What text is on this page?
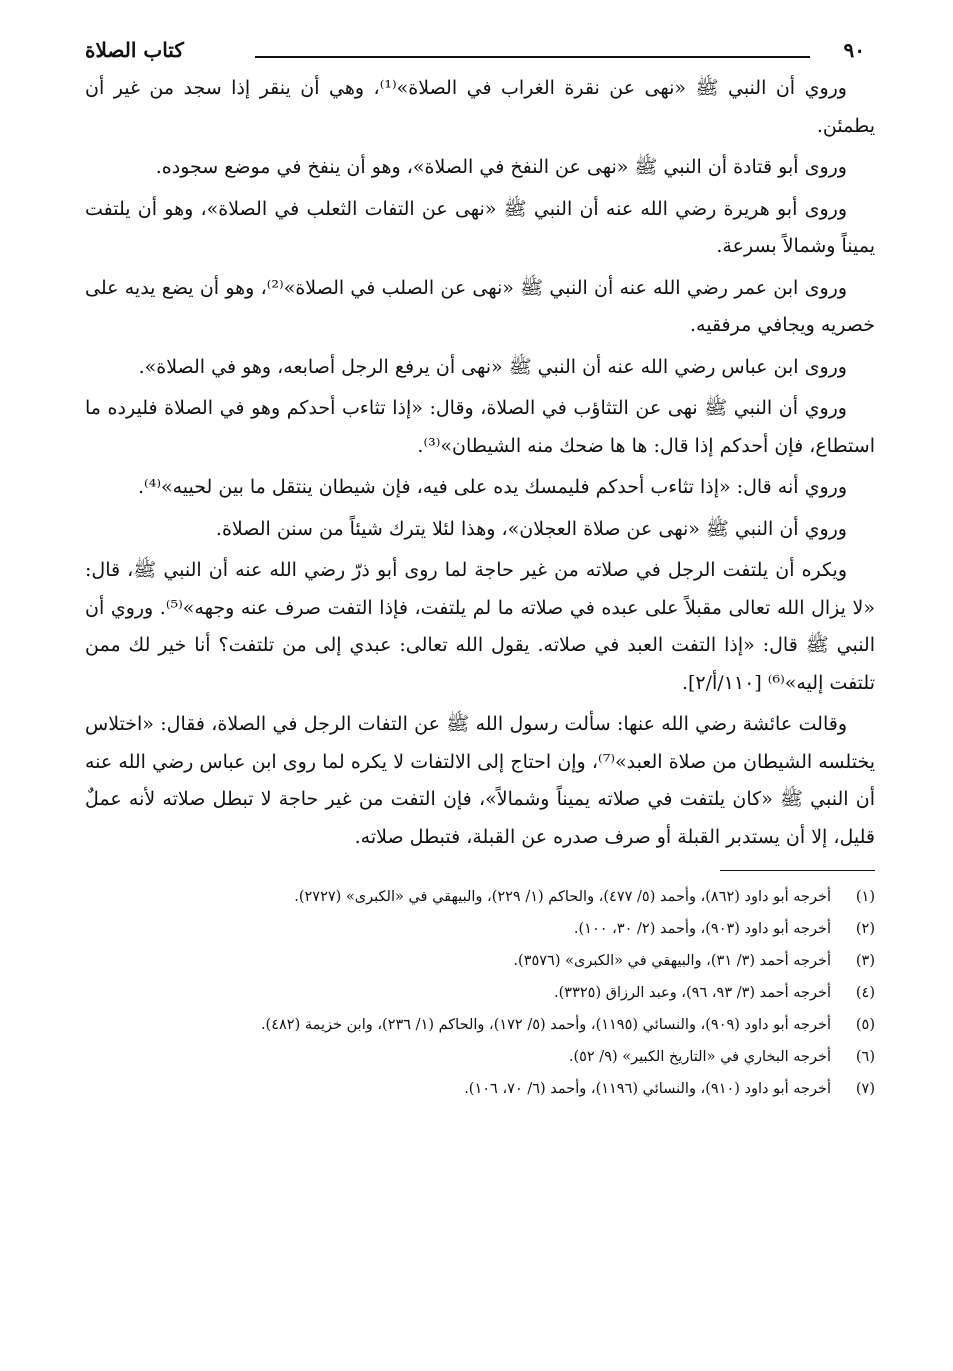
٩٠
كتاب الصلاة

وروي أن النبي ﷺ «نهى عن نقرة الغراب في الصلاة»⁽¹⁾، وهي أن ينقر إذا سجد من غير أن يطمئن.

وروى أبو قتادة أن النبي ﷺ «نهى عن النفخ في الصلاة»، وهو أن ينفخ في موضع سجوده.

وروى أبو هريرة رضي الله عنه أن النبي ﷺ «نهى عن التفات الثعلب في الصلاة»، وهو أن يلتفت يميناً وشمالاً بسرعة.

وروى ابن عمر رضي الله عنه أن النبي ﷺ «نهى عن الصلب في الصلاة»⁽²⁾، وهو أن يضع يديه على خصريه ويجافي مرفقيه.

وروى ابن عباس رضي الله عنه أن النبي ﷺ «نهى أن يرفع الرجل أصابعه، وهو في الصلاة».

وروي أن النبي ﷺ نهى عن التثاؤب في الصلاة، وقال: «إذا تثاءب أحدكم وهو في الصلاة فليرده ما استطاع، فإن أحدكم إذا قال: ها ها ضحك منه الشيطان»⁽³⁾.

وروي أنه قال: «إذا تثاءب أحدكم فليمسك يده على فيه، فإن شيطان ينتقل ما بين لحييه»⁽⁴⁾.

وروي أن النبي ﷺ «نهى عن صلاة العجلان»، وهذا لئلا يترك شيئاً من سنن الصلاة.

ويكره أن يلتفت الرجل في صلاته من غير حاجة لما روى أبو ذرّ رضي الله عنه أن النبي ﷺ، قال: «لا يزال الله تعالى مقبلاً على عبده في صلاته ما لم يلتفت، فإذا التفت صرف عنه وجهه»⁽⁵⁾. وروي أن النبي ﷺ قال: «إذا التفت العبد في صلاته. يقول الله تعالى: عبدي إلى من تلتفت؟ أنا خير لك ممن تلتفت إليه»⁽⁶⁾ [١١٠/أ/٢].

وقالت عائشة رضي الله عنها: سألت رسول الله ﷺ عن التفات الرجل في الصلاة، فقال: «اختلاس يختلسه الشيطان من صلاة العبد»⁽⁷⁾، وإن احتاج إلى الالتفات لا يكره لما روى ابن عباس رضي الله عنه أن النبي ﷺ «كان يلتفت في صلاته يميناً وشمالاً»، فإن التفت من غير حاجة لا تبطل صلاته لأنه عملٌ قليل، إلا أن يستدبر القبلة أو صرف صدره عن القبلة، فتبطل صلاته.

(١)
أخرجه أبو داود (٨٦٢)، وأحمد (٥/ ٤٧٧)، والحاكم (١/ ٢٢٩)، والبيهقي في «الكبرى» (٢٧٢٧).
(٢)
أخرجه أبو داود (٩٠٣)، وأحمد (٢/ ٣٠، ١٠٠).
(٣)
أخرجه أحمد (٣/ ٣١)، والبيهقي في «الكبرى» (٣٥٧٦).
(٤)
أخرجه أحمد (٣/ ٩٣، ٩٦)، وعبد الرزاق (٣٣٢٥).
(٥)
أخرجه أبو داود (٩٠٩)، والنسائي (١١٩٥)، وأحمد (٥/ ١٧٢)، والحاكم (١/ ٢٣٦)، وابن خزيمة (٤٨٢).
(٦)
أخرجه البخاري في «التاريخ الكبير» (٩/ ٥٢).
(٧)
أخرجه أبو داود (٩١٠)، والنسائي (١١٩٦)، وأحمد (٦/ ٧٠، ١٠٦).
